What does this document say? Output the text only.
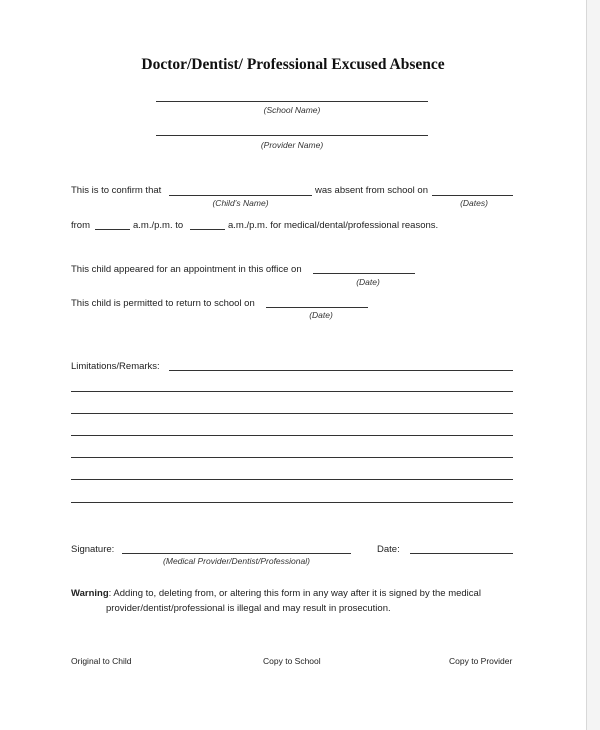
Doctor/Dentist/ Professional Excused Absence
(School Name)
(Provider Name)
This is to confirm that
(Child’s Name)
was absent from school on
(Dates)
from	a.m./p.m. to	a.m./p.m. for medical/dental/professional reasons.
This child appeared for an appointment in this office on
(Date)
This child is permitted to return to school on
(Date)
Limitations/Remarks:
Signature:
(Medical Provider/Dentist/Professional)
Date:
Warning: Adding to, deleting from, or altering this form in any way after it is signed by the medical
provider/dentist/professional is illegal and may result in prosecution.
Original to Child	Copy to School	Copy to Provider
